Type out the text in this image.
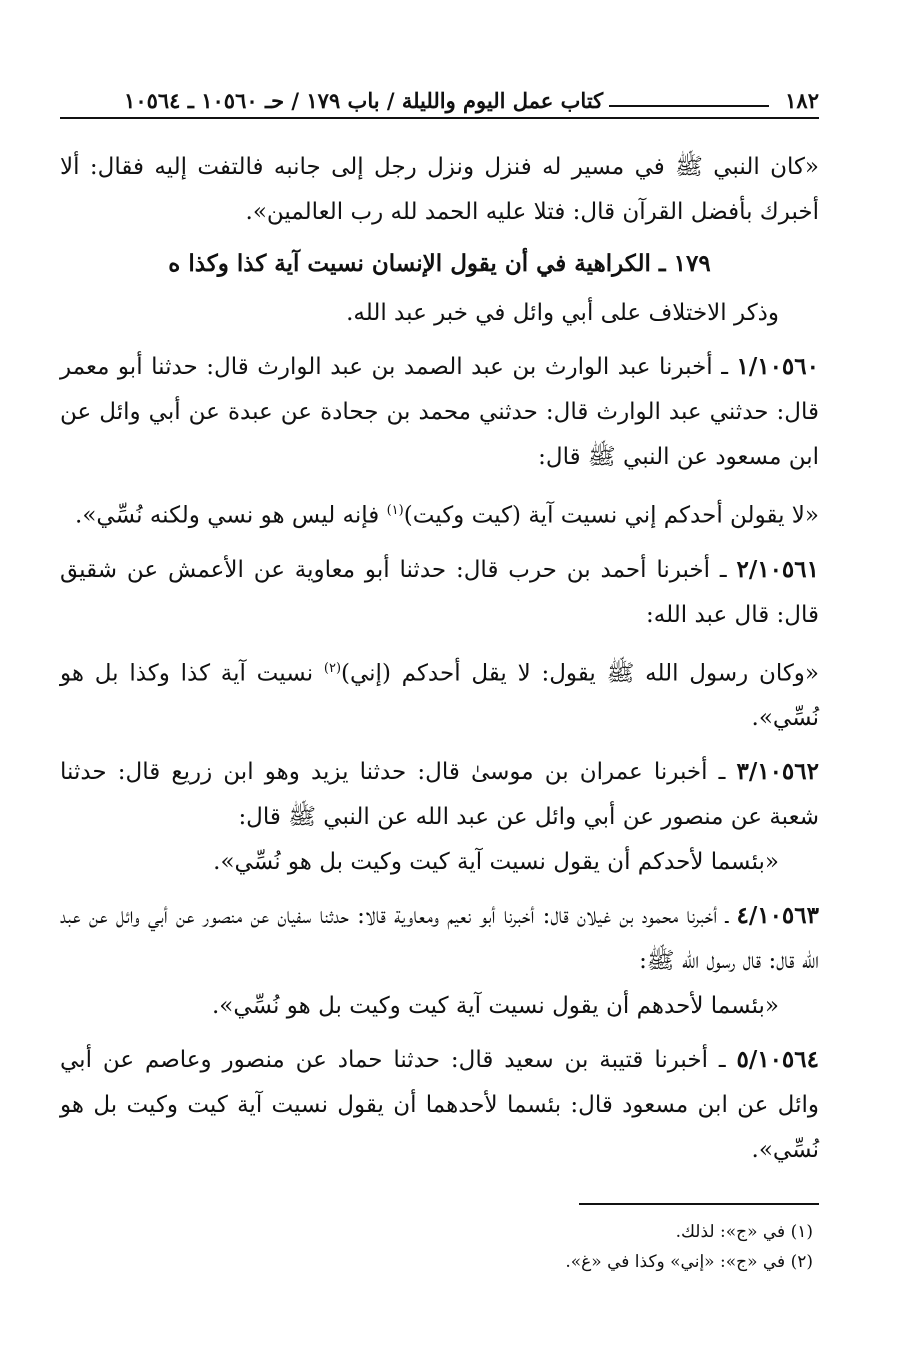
١٨٢
كتاب عمل اليوم والليلة / باب ١٧٩ / حـ ١٠٥٦٠ ـ ١٠٥٦٤

«كان النبي ﷺ في مسير له فنزل ونزل رجل إلى جانبه فالتفت إليه فقال: ألا أخبرك بأفضل القرآن قال: فتلا عليه الحمد لله رب العالمين».

١٧٩ ـ الكراهية في أن يقول الإنسان نسيت آية كذا وكذا ه

وذكر الاختلاف على أبي وائل في خبر عبد الله.

١/١٠٥٦٠ ـ أخبرنا عبد الوارث بن عبد الصمد بن عبد الوارث قال: حدثنا أبو معمر قال: حدثني عبد الوارث قال: حدثني محمد بن جحادة عن عبدة عن أبي وائل عن ابن مسعود عن النبي ﷺ قال:

«لا يقولن أحدكم إني نسيت آية (كيت وكيت)$^{(١)}$ فإنه ليس هو نسي ولكنه نُسِّي».

٢/١٠٥٦١ ـ أخبرنا أحمد بن حرب قال: حدثنا أبو معاوية عن الأعمش عن شقيق قال: قال عبد الله:

«وكان رسول الله ﷺ يقول: لا يقل أحدكم (إني)$^{(٢)}$ نسيت آية كذا وكذا بل هو نُسِّي».

٣/١٠٥٦٢ ـ أخبرنا عمران بن موسىٰ قال: حدثنا يزيد وهو ابن زريع قال: حدثنا شعبة عن منصور عن أبي وائل عن عبد الله عن النبي ﷺ قال:

«بئسما لأحدكم أن يقول نسيت آية كيت وكيت بل هو نُسِّي».

٤/١٠٥٦٣ ـ أخبرنا محمود بن غيلان قال: أخبرنا أبو نعيم ومعاوية قالا: حدثنا سفيان عن منصور عن أبي وائل عن عبد الله قال: قال رسول الله ﷺ:

«بئسما لأحدهم أن يقول نسيت آية كيت وكيت بل هو نُسِّي».

٥/١٠٥٦٤ ـ أخبرنا قتيبة بن سعيد قال: حدثنا حماد عن منصور وعاصم عن أبي وائل عن ابن مسعود قال: بئسما لأحدهما أن يقول نسيت آية كيت وكيت بل هو نُسِّي».

(١) في «ج»: لذلك.

(٢) في «ج»: «إني» وكذا في «غ».
